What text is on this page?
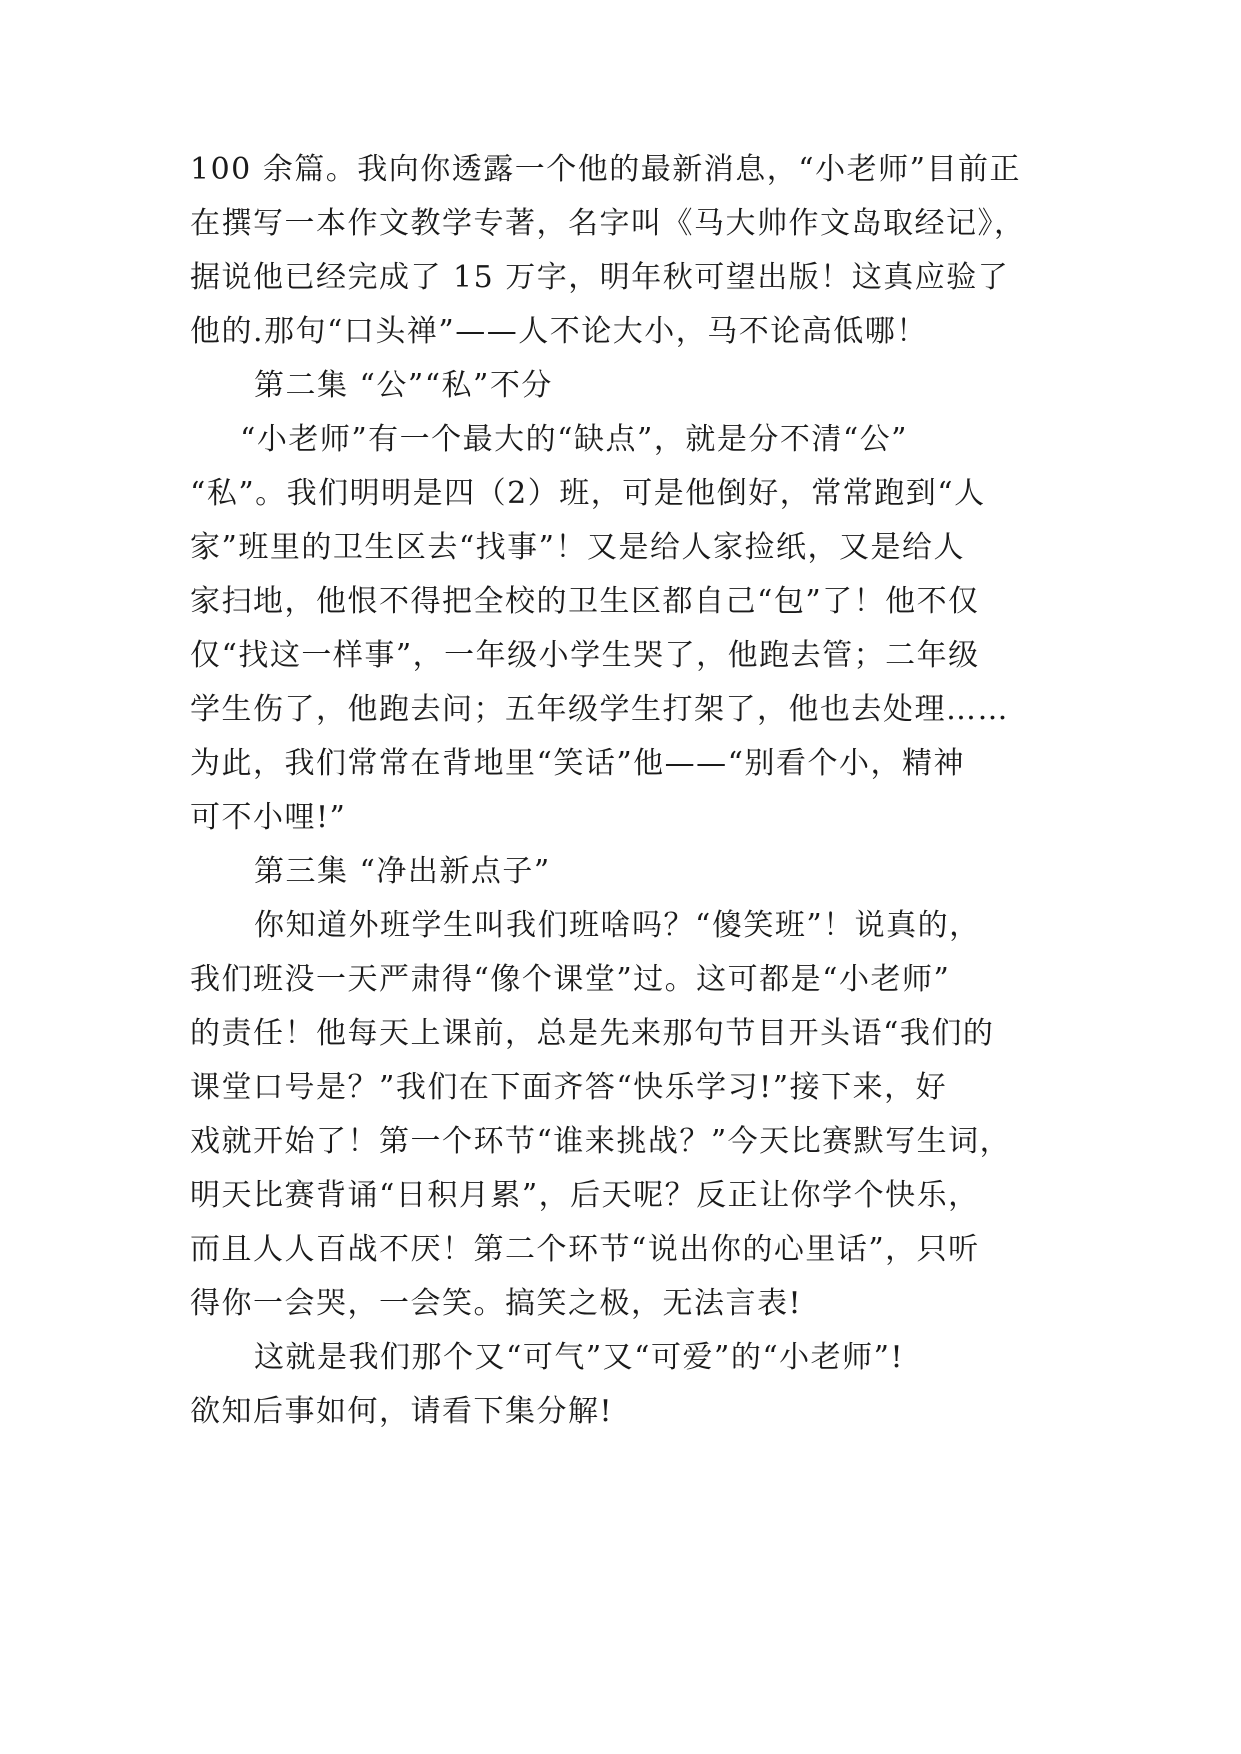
100 余篇。我向你透露一个他的最新消息，“小老师”目前正
在撰写一本作文教学专著，名字叫《马大帅作文岛取经记》，
据说他已经完成了 15 万字，明年秋可望出版！这真应验了
他的.那句“口头禅”——人不论大小，马不论高低哪！
第二集 “公”“私”不分
“小老师”有一个最大的“缺点”，就是分不清“公”
“私”。我们明明是四（2）班，可是他倒好，常常跑到“人
家”班里的卫生区去“找事”！又是给人家捡纸，又是给人
家扫地，他恨不得把全校的卫生区都自己“包”了！他不仅
仅“找这一样事”，一年级小学生哭了，他跑去管；二年级
学生伤了，他跑去问；五年级学生打架了，他也去处理……
为此，我们常常在背地里“笑话”他——“别看个小，精神
可不小哩!”
第三集 “净出新点子”
你知道外班学生叫我们班啥吗？“傻笑班”！说真的，
我们班没一天严肃得“像个课堂”过。这可都是“小老师”
的责任！他每天上课前，总是先来那句节目开头语“我们的
课堂口号是？”我们在下面齐答“快乐学习!”接下来，好
戏就开始了！第一个环节“谁来挑战？”今天比赛默写生词，
明天比赛背诵“日积月累”，后天呢？反正让你学个快乐，
而且人人百战不厌！第二个环节“说出你的心里话”，只听
得你一会哭，一会笑。搞笑之极，无法言表!
这就是我们那个又“可气”又“可爱”的“小老师”!
欲知后事如何，请看下集分解!
